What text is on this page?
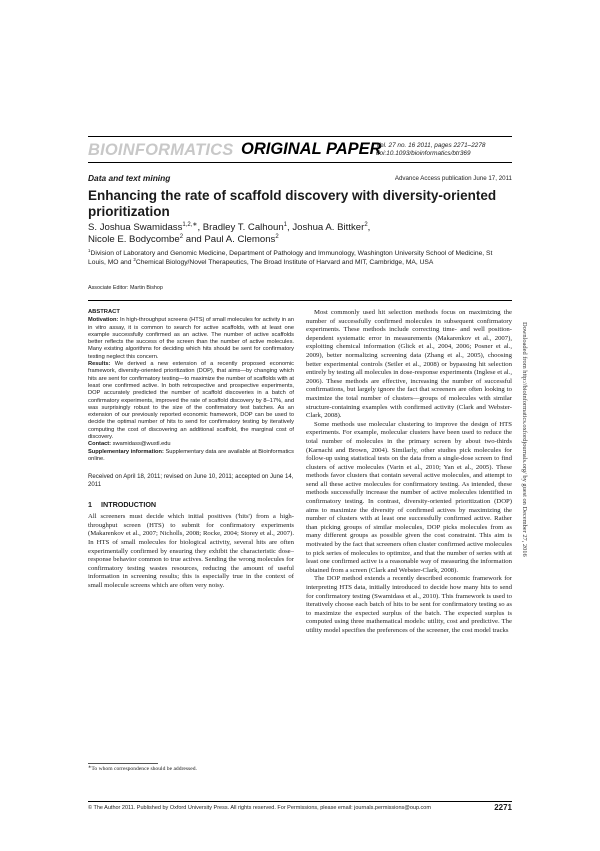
BIOINFORMATICS ORIGINAL PAPER
Vol. 27 no. 16 2011, pages 2271–2278
doi:10.1093/bioinformatics/btr369
Data and text mining	Advance Access publication June 17, 2011
Enhancing the rate of scaffold discovery with diversity-oriented prioritization
S. Joshua Swamidass$^{1,2,∗}$, Bradley T. Calhoun$^1$, Joshua A. Bittker$^2$,
Nicole E. Bodycombe$^2$ and Paul A. Clemons$^2$
$^1$Division of Laboratory and Genomic Medicine, Department of Pathology and Immunology, Washington University School of Medicine, St Louis, MO and $^2$Chemical Biology/Novel Therapeutics, The Broad Institute of Harvard and MIT, Cambridge, MA, USA
Associate Editor: Martin Bishop
ABSTRACT

Motivation: In high-throughput screens (HTS) of small molecules for activity in an in vitro assay, it is common to search for active scaffolds, with at least one example successfully confirmed as an active. The number of active scaffolds better reflects the success of the screen than the number of active molecules. Many existing algorithms for deciding which hits should be sent for confirmatory testing neglect this concern.

Results: We derived a new extension of a recently proposed economic framework, diversity-oriented prioritization (DOP), that aims—by changing which hits are sent for confirmatory testing—to maximize the number of scaffolds with at least one confirmed active. In both retrospective and prospective experiments, DOP accurately predicted the number of scaffold discoveries in a batch of confirmatory experiments, improved the rate of scaffold discovery by 8–17%, and was surprisingly robust to the size of the confirmatory test batches. As an extension of our previously reported economic framework, DOP can be used to decide the optimal number of hits to send for confirmatory testing by iteratively computing the cost of discovering an additional scaffold, the marginal cost of discovery.

Contact: swamidass@wustl.edu

Supplementary information: Supplementary data are available at Bioinformatics online.

Received on April 18, 2011; revised on June 10, 2011; accepted on June 14, 2011
1 INTRODUCTION

All screeners must decide which initial positives ('hits') from a high-throughput screen (HTS) to submit for confirmatory experiments (Makarenkov et al., 2007; Nicholls, 2008; Rocke, 2004; Storey et al., 2007). In HTS of small molecules for biological activity, several hits are often experimentally confirmed by ensuring they exhibit the characteristic dose–response behavior common to true actives. Sending the wrong molecules for confirmatory testing wastes resources, reducing the amount of useful information in screening results; this is especially true in the context of small molecule screens which are often very noisy.

Most commonly used hit selection methods focus on maximizing the number of successfully confirmed molecules in subsequent confirmatory experiments. These methods include correcting time- and well position-dependent systematic error in measurements (Makarenkov et al., 2007), exploiting chemical information (Glick et al., 2004, 2006; Posner et al., 2009), better normalizing screening data (Zhang et al., 2005), choosing better experimental controls (Seiler et al., 2008) or bypassing hit selection entirely by testing all molecules in dose-response experiments (Inglese et al., 2006). These methods are effective, increasing the number of successful confirmations, but largely ignore the fact that screeners are often looking to maximize the total number of clusters—groups of molecules with similar structure-containing examples with confirmed activity (Clark and Webster-Clark, 2008).

Some methods use molecular clustering to improve the design of HTS experiments. For example, molecular clusters have been used to reduce the total number of molecules in the primary screen by about two-thirds (Karnachi and Brown, 2004). Similarly, other studies pick molecules for follow-up using statistical tests on the data from a single-dose screen to find clusters of active molecules (Varin et al., 2010; Yan et al., 2005). These methods favor clusters that contain several active molecules, and attempt to send all these active molecules for confirmatory testing. As intended, these methods successfully increase the number of active molecules identified in confirmatory testing. In contrast, diversity-oriented prioritization (DOP) aims to maximize the diversity of confirmed actives by maximizing the number of clusters with at least one successfully confirmed active. Rather than picking groups of similar molecules, DOP picks molecules from as many different groups as possible given the cost constraint. This aim is motivated by the fact that screeners often cluster confirmed active molecules to pick series of molecules to optimize, and that the number of series with at least one confirmed active is a reasonable way of measuring the information obtained from a screen (Clark and Webster-Clark, 2008).

The DOP method extends a recently described economic framework for interpreting HTS data, initially introduced to decide how many hits to send for confirmatory testing (Swamidass et al., 2010). This framework is used to iteratively choose each batch of hits to be sent for confirmatory testing so as to maximize the expected surplus of the batch. The expected surplus is computed using three mathematical models: utility, cost and predictive. The utility model specifies the preferences of the screener, the cost model tracks

∗To whom correspondence should be addressed.
© The Author 2011. Published by Oxford University Press. All rights reserved. For Permissions, please email: journals.permissions@oup.com	2271
Downloaded from http://bioinformatics.oxfordjournals.org/ by guest on December 27, 2016
